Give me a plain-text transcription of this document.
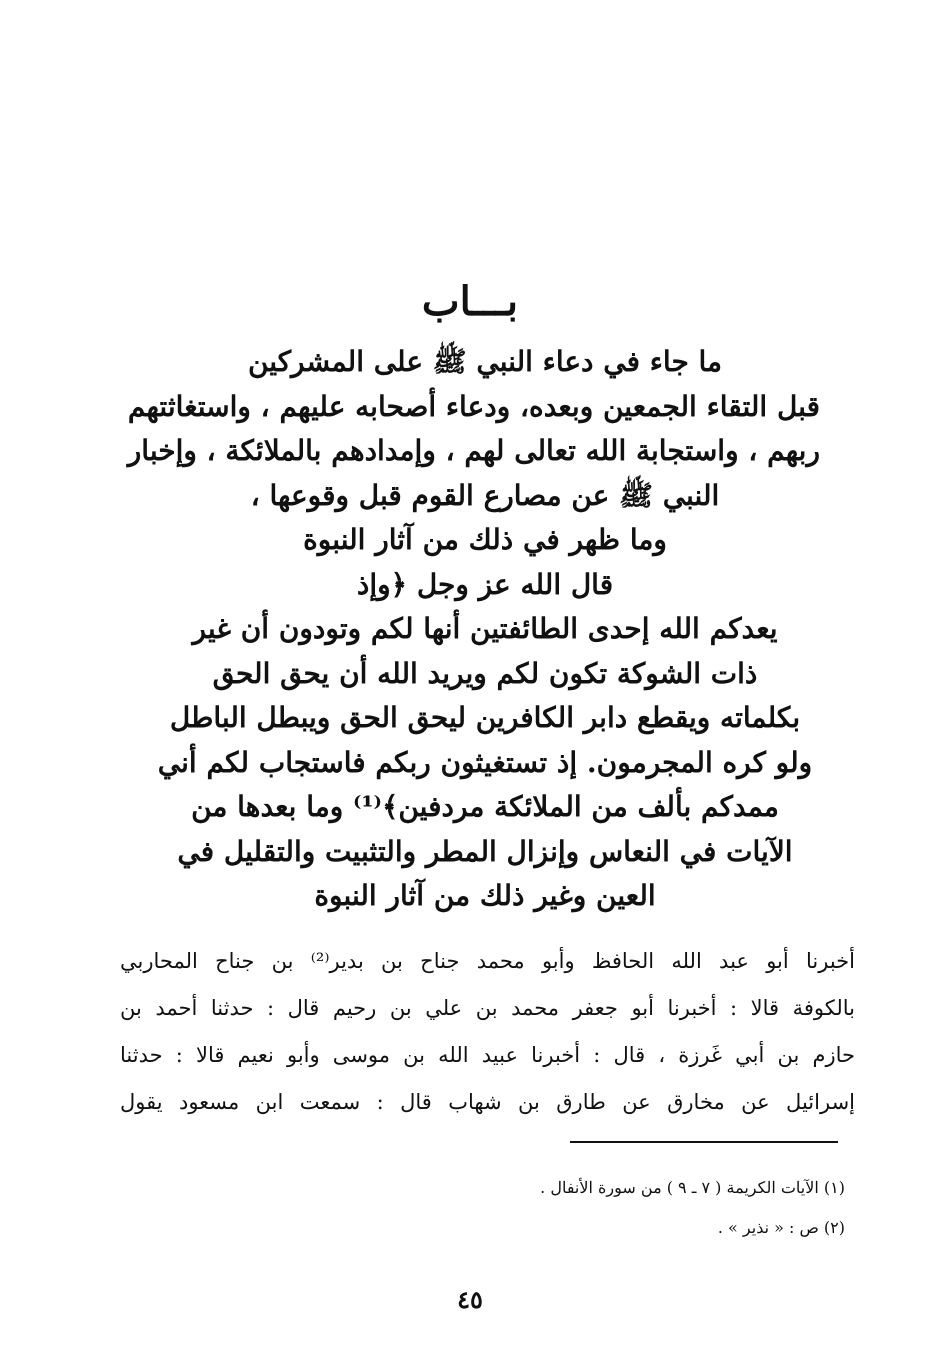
بـــاب
ما جاء في دعاء النبي ﷺ على المشركين
قبل التقاء الجمعين وبعده، ودعاء أصحابه عليهم ، واستغاثتهم
ربهم ، واستجابة الله تعالى لهم ، وإمدادهم بالملائكة ، وإخبار
النبي ﷺ عن مصارع القوم قبل وقوعها ،
وما ظهر في ذلك من آثار النبوة
قال الله عز وجل ﴿وإذ
يعدكم الله إحدى الطائفتين أنها لكم وتودون أن غير
ذات الشوكة تكون لكم ويريد الله أن يحق الحق
بكلماته ويقطع دابر الكافرين ليحق الحق ويبطل الباطل
ولو كره المجرمون. إذ تستغيثون ربكم فاستجاب لكم أني
ممدكم بألف من الملائكة مردفين﴾⁽¹⁾ وما بعدها من
الآيات في النعاس وإنزال المطر والتثبيت والتقليل في
العين وغير ذلك من آثار النبوة
أخبرنا أبو عبد الله الحافظ وأبو محمد جناح بن بدير⁽²⁾ بن جناح المحاربي
بالكوفة قالا : أخبرنا أبو جعفر محمد بن علي بن رحيم قال : حدثنا أحمد بن
حازم بن أبي غَرزة ، قال : أخبرنا عبيد الله بن موسى وأبو نعيم قالا : حدثنا
إسرائيل عن مخارق عن طارق بن شهاب قال : سمعت ابن مسعود يقول
(١) الآيات الكريمة ( ٧ ـ ٩ ) من سورة الأنفال .
(٢) ص : « نذير » .
٤٥
